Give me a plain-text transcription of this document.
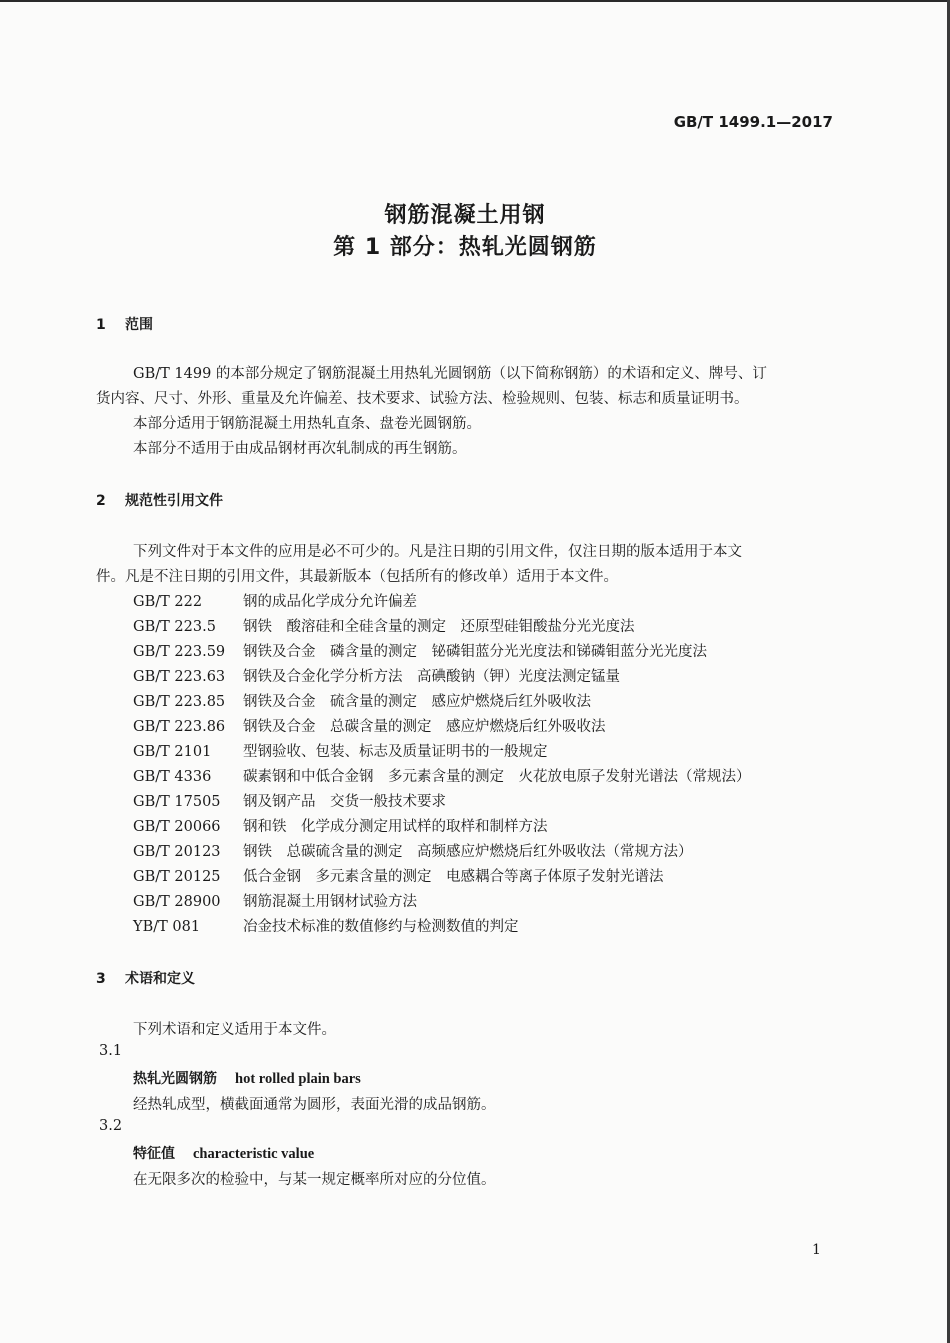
GB/T 1499.1—2017
钢筋混凝土用钢
第 1 部分：热轧光圆钢筋
1 范围
GB/T 1499 的本部分规定了钢筋混凝土用热轧光圆钢筋（以下简称钢筋）的术语和定义、牌号、订
货内容、尺寸、外形、重量及允许偏差、技术要求、试验方法、检验规则、包装、标志和质量证明书。
本部分适用于钢筋混凝土用热轧直条、盘卷光圆钢筋。
本部分不适用于由成品钢材再次轧制成的再生钢筋。
2 规范性引用文件
下列文件对于本文件的应用是必不可少的。凡是注日期的引用文件，仅注日期的版本适用于本文
件。凡是不注日期的引用文件，其最新版本（包括所有的修改单）适用于本文件。
GB/T 222	钢的成品化学成分允许偏差
GB/T 223.5 钢铁　酸溶硅和全硅含量的测定　还原型硅钼酸盐分光光度法
GB/T 223.59 钢铁及合金　磷含量的测定　铋磷钼蓝分光光度法和锑磷钼蓝分光光度法
GB/T 223.63 钢铁及合金化学分析方法　高碘酸钠（钾）光度法测定锰量
GB/T 223.85 钢铁及合金　硫含量的测定　感应炉燃烧后红外吸收法
GB/T 223.86 钢铁及合金　总碳含量的测定　感应炉燃烧后红外吸收法
GB/T 2101 型钢验收、包装、标志及质量证明书的一般规定
GB/T 4336 碳素钢和中低合金钢　多元素含量的测定　火花放电原子发射光谱法（常规法）
GB/T 17505 钢及钢产品　交货一般技术要求
GB/T 20066 钢和铁　化学成分测定用试样的取样和制样方法
GB/T 20123 钢铁　总碳硫含量的测定　高频感应炉燃烧后红外吸收法（常规方法）
GB/T 20125 低合金钢　多元素含量的测定　电感耦合等离子体原子发射光谱法
GB/T 28900 钢筋混凝土用钢材试验方法
YB/T 081	冶金技术标准的数值修约与检测数值的判定
3 术语和定义
下列术语和定义适用于本文件。
3.1
热轧光圆钢筋 hot rolled plain bars
经热轧成型，横截面通常为圆形，表面光滑的成品钢筋。
3.2
特征值 characteristic value
在无限多次的检验中，与某一规定概率所对应的分位值。
1
